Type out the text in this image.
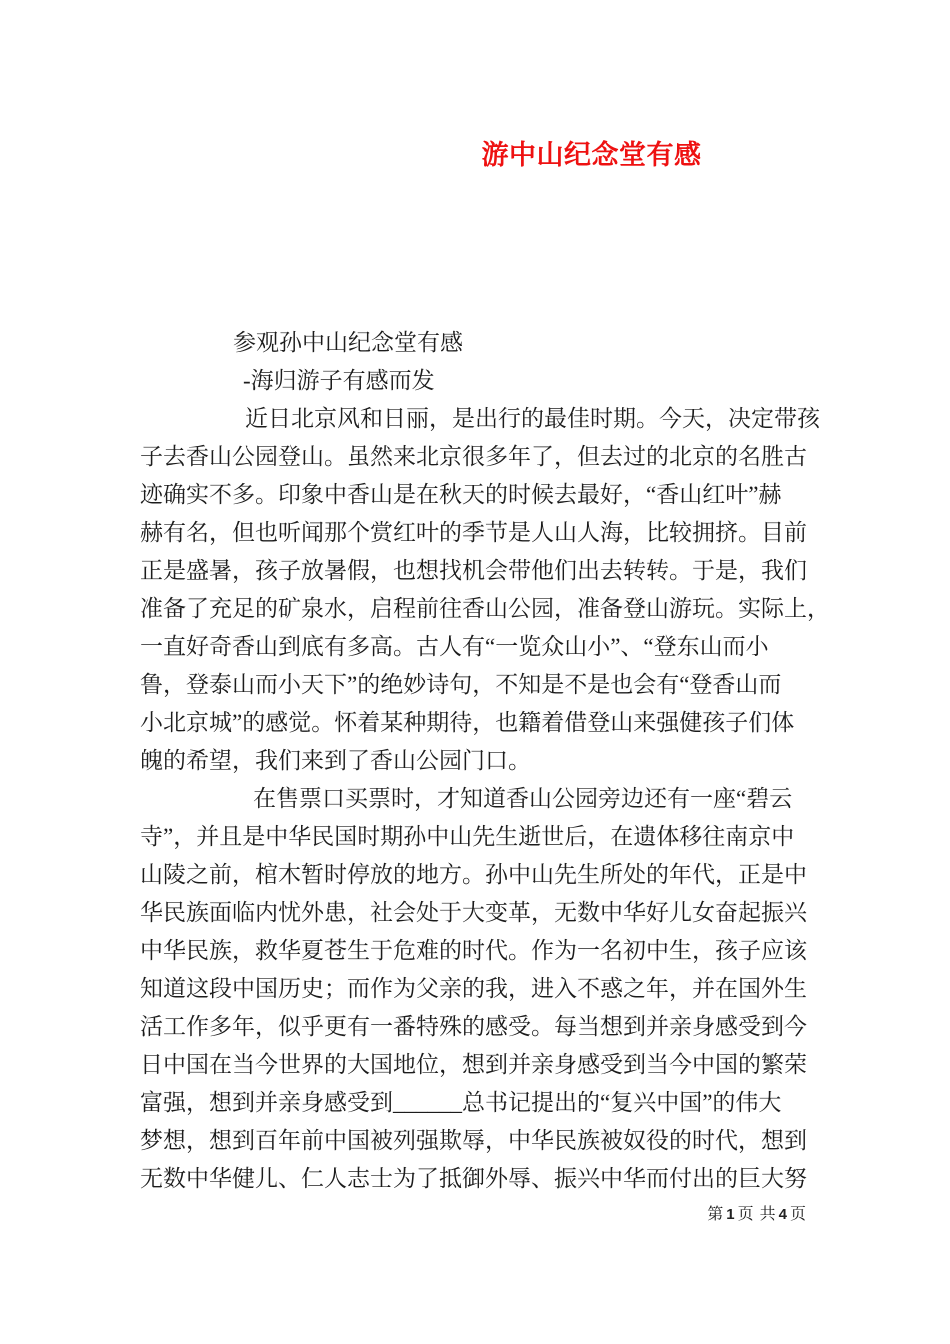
游中山纪念堂有感
参观孙中山纪念堂有感
-海归游子有感而发
近日北京风和日丽，是出行的最佳时期。今天，决定带孩
子去香山公园登山。虽然来北京很多年了，但去过的北京的名胜古
迹确实不多。印象中香山是在秋天的时候去最好，“香山红叶”赫
赫有名，但也听闻那个赏红叶的季节是人山人海，比较拥挤。目前
正是盛暑，孩子放暑假，也想找机会带他们出去转转。于是，我们
准备了充足的矿泉水，启程前往香山公园，准备登山游玩。实际上，
一直好奇香山到底有多高。古人有“一览众山小”、“登东山而小
鲁，登泰山而小天下”的绝妙诗句，不知是不是也会有“登香山而
小北京城”的感觉。怀着某种期待，也籍着借登山来强健孩子们体
魄的希望，我们来到了香山公园门口。
在售票口买票时，才知道香山公园旁边还有一座“碧云
寺”，并且是中华民国时期孙中山先生逝世后，在遗体移往南京中
山陵之前，棺木暂时停放的地方。孙中山先生所处的年代，正是中
华民族面临内忧外患，社会处于大变革，无数中华好儿女奋起振兴
中华民族，救华夏苍生于危难的时代。作为一名初中生，孩子应该
知道这段中国历史；而作为父亲的我，进入不惑之年，并在国外生
活工作多年，似乎更有一番特殊的感受。每当想到并亲身感受到今
日中国在当今世界的大国地位，想到并亲身感受到当今中国的繁荣
富强，想到并亲身感受到______总书记提出的“复兴中国”的伟大
梦想，想到百年前中国被列强欺辱，中华民族被奴役的时代，想到
无数中华健儿、仁人志士为了抵御外辱、振兴中华而付出的巨大努
第 1 页 共 4 页
